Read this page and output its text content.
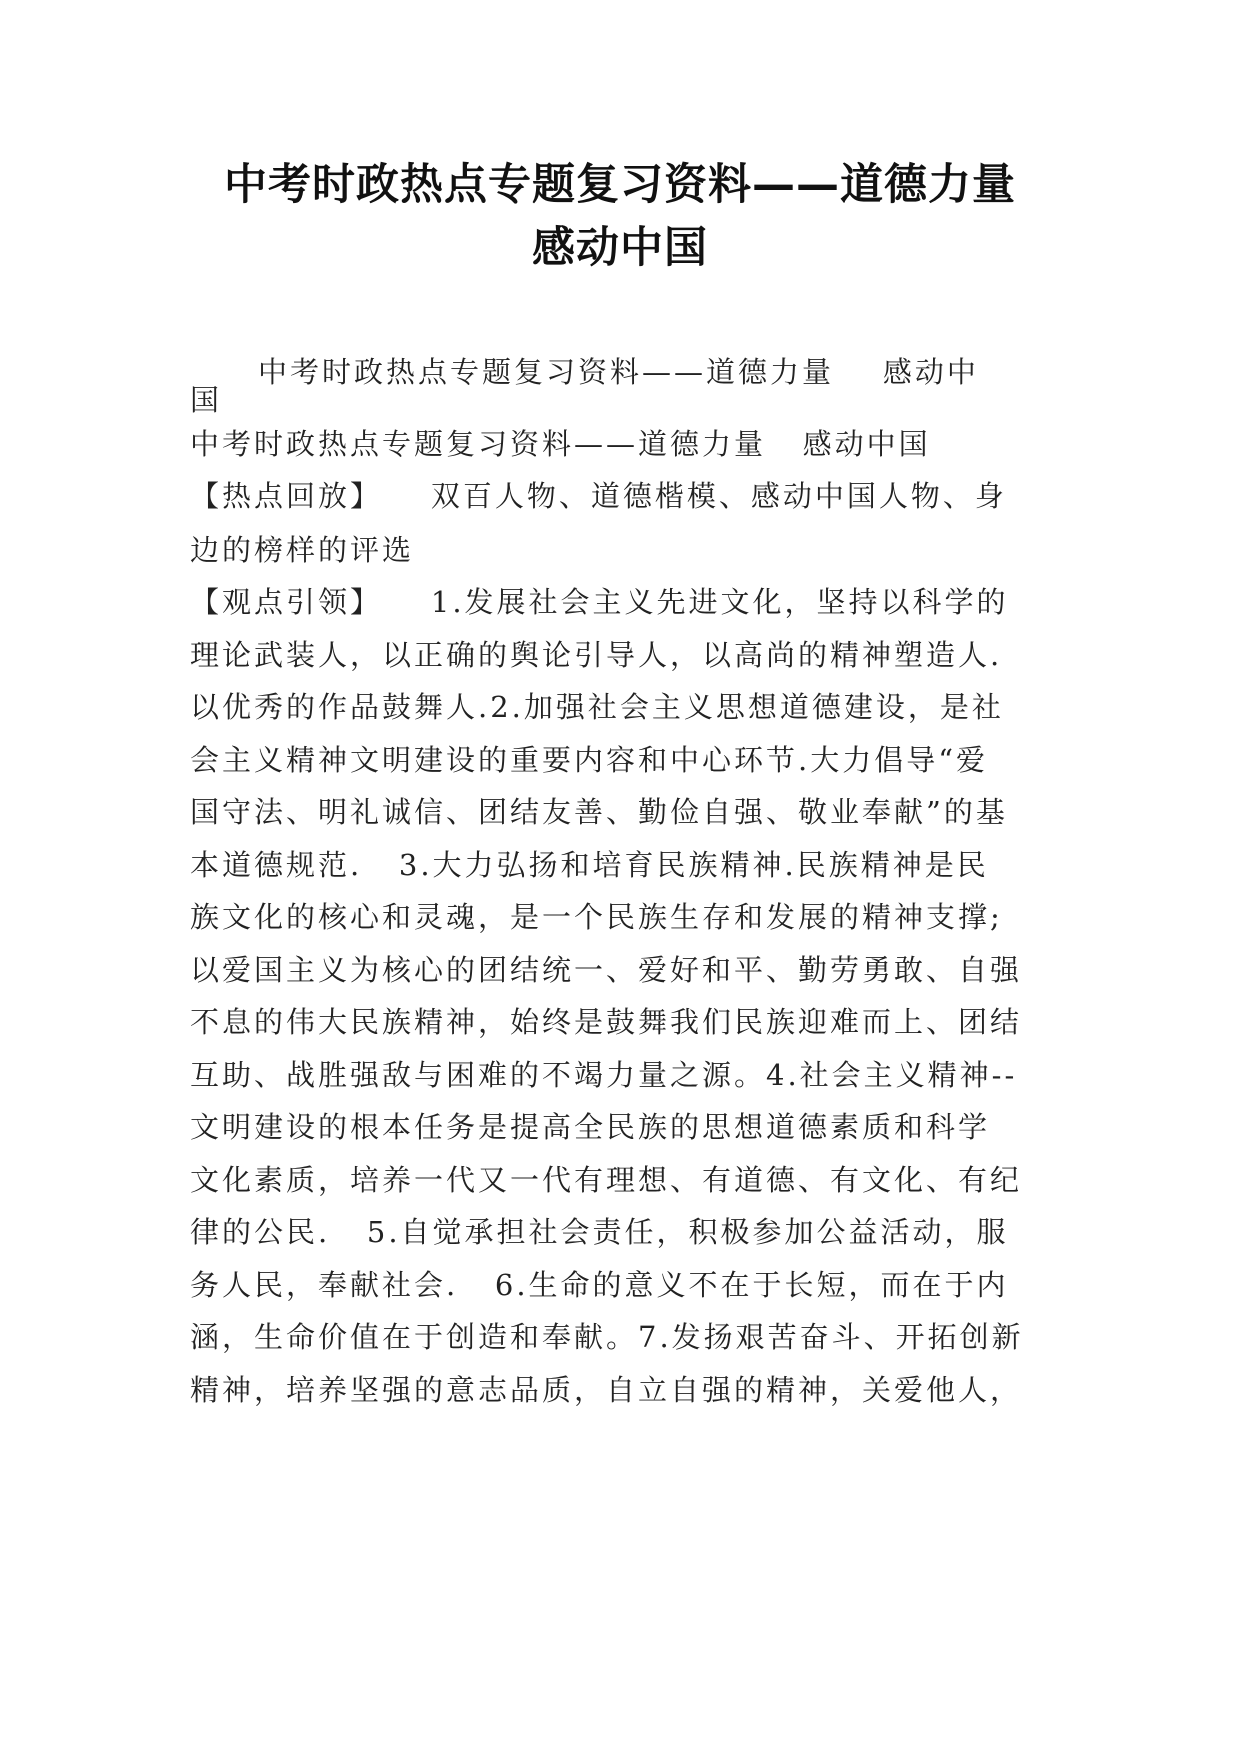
中考时政热点专题复习资料——道德力量
感动中国
中考时政热点专题复习资料——道德力量    感动中
国
中考时政热点专题复习资料——道德力量   感动中国
【热点回放】    双百人物、道德楷模、感动中国人物、身
边的榜样的评选
【观点引领】    1.发展社会主义先进文化，坚持以科学的
理论武装人，以正确的舆论引导人，以高尚的精神塑造人.
以优秀的作品鼓舞人.2.加强社会主义思想道德建设，是社
会主义精神文明建设的重要内容和中心环节.大力倡导“爱
国守法、明礼诚信、团结友善、勤俭自强、敬业奉献”的基
本道德规范.   3.大力弘扬和培育民族精神.民族精神是民
族文化的核心和灵魂，是一个民族生存和发展的精神支撑;
以爱国主义为核心的团结统一、爱好和平、勤劳勇敢、自强
不息的伟大民族精神，始终是鼓舞我们民族迎难而上、团结
互助、战胜强敌与困难的不竭力量之源。4.社会主义精神--
文明建设的根本任务是提高全民族的思想道德素质和科学
文化素质，培养一代又一代有理想、有道德、有文化、有纪
律的公民.   5.自觉承担社会责任，积极参加公益活动，服
务人民，奉献社会.   6.生命的意义不在于长短，而在于内
涵，生命价值在于创造和奉献。7.发扬艰苦奋斗、开拓创新
精神，培养坚强的意志品质，自立自强的精神，关爱他人，
